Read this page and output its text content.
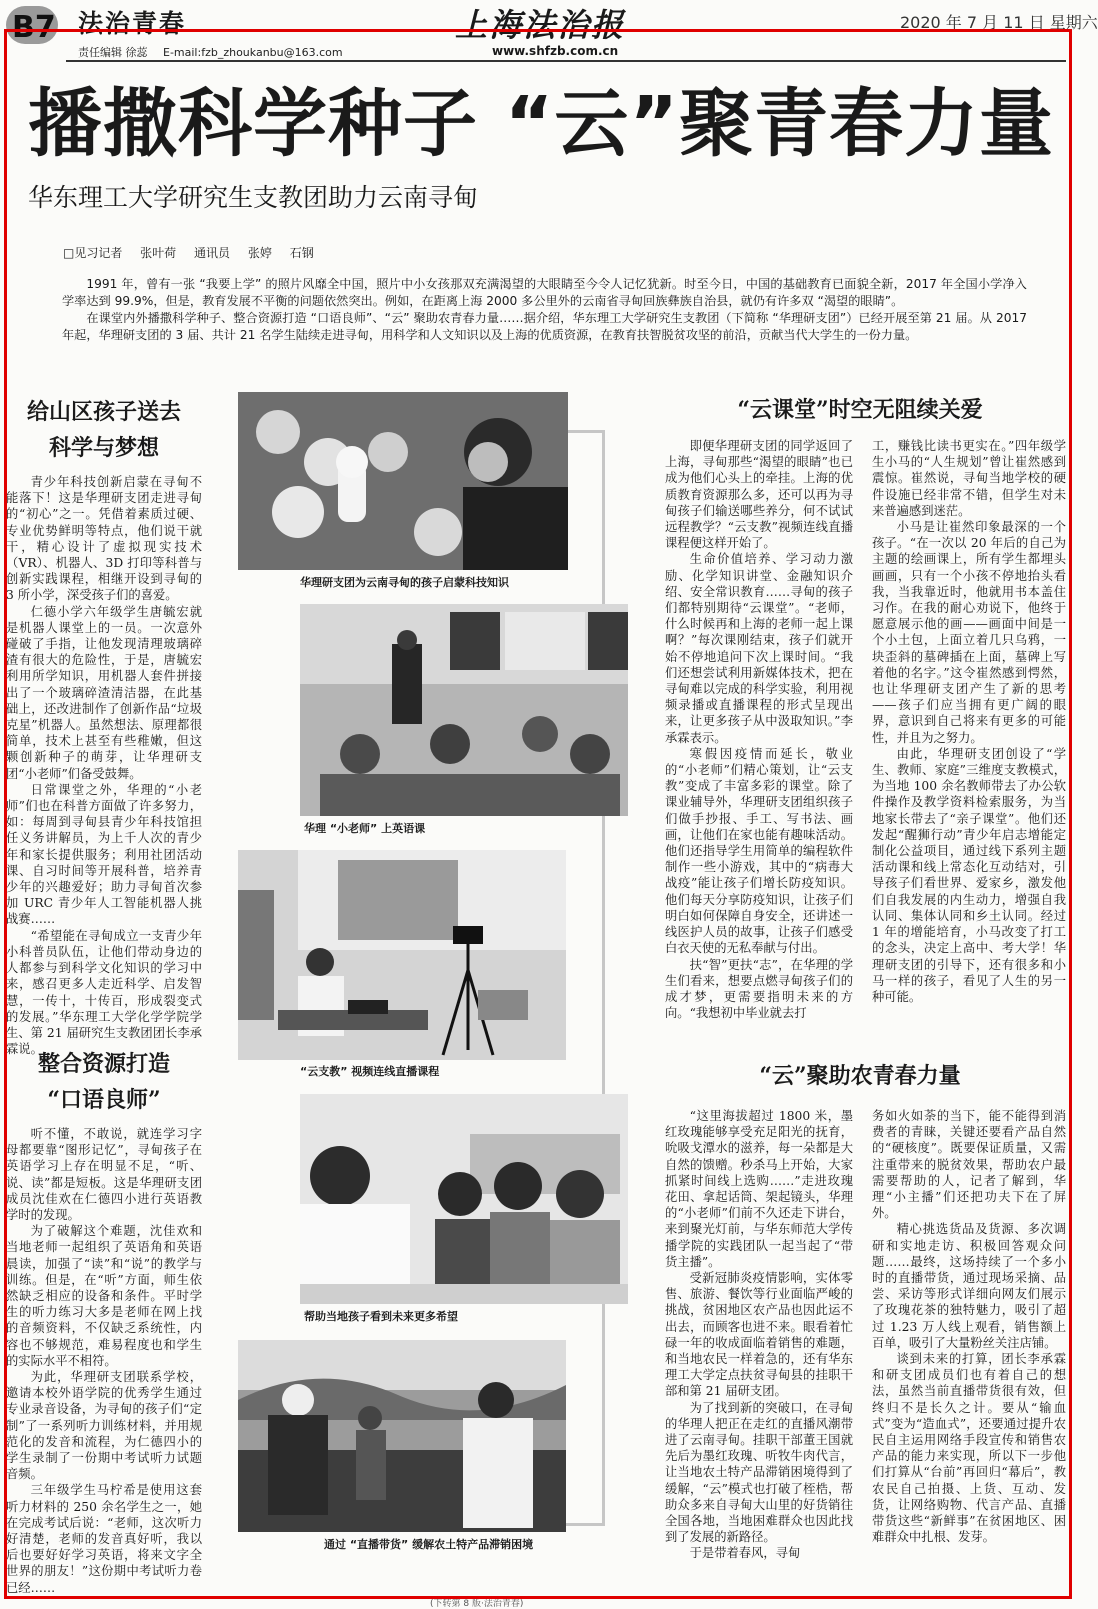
B7 法治青春	上海法治报	2020 年 7 月 11 日 星期六
责任编辑 徐蕊 E-mail:fzb_zhoukanbu@163.com	www.shfzb.com.cn
播撒科学种子 “云”聚青春力量
华东理工大学研究生支教团助力云南寻甸
□见习记者 张叶荷 通讯员 张婷 石钢
1991 年，曾有一张 “我要上学” 的照片风靡全中国，照片中小女孩那双充满渴望的大眼睛至今令人记忆犹新。时至今日，中国的基础教育已面貌全新，2017 年全国小学净入学率达到 99.9%，但是，教育发展不平衡的问题依然突出。例如，在距离上海 2000 多公里外的云南省寻甸回族彝族自治县，就仍有许多双 “渴望的眼睛”。
在课堂内外播撒科学种子、整合资源打造 “口语良师”、“云” 聚助农青春力量……据介绍，华东理工大学研究生支教团（下简称 “华理研支团”）已经开展至第 21 届。从 2017 年起，华理研支团的 3 届、共计 21 名学生陆续走进寻甸，用科学和人文知识以及上海的优质资源，在教育扶智脱贫攻坚的前沿，贡献当代大学生的一份力量。
给山区孩子送去
科学与梦想

青少年科技创新启蒙在寻甸不能落下！这是华理研支团走进寻甸的“初心”之一。凭借着素质过硬、专业优势鲜明等特点，他们说干就干，精心设计了虚拟现实技术（VR）、机器人、3D 打印等科普与创新实践课程，相继开设到寻甸的 3 所小学，深受孩子们的喜爱。

仁德小学六年级学生唐毓宏就是机器人课堂上的一员。一次意外碰破了手指，让他发现清理玻璃碎渣有很大的危险性，于是，唐毓宏利用所学知识，用机器人套件拼接出了一个玻璃碎渣清洁器，在此基础上，还改进制作了创新作品“垃圾克星”机器人。虽然想法、原理都很简单，技术上甚至有些稚嫩，但这颗创新种子的萌芽，让华理研支团“小老师”们备受鼓舞。

日常课堂之外，华理的“小老师”们也在科普方面做了许多努力，如：每周到寻甸县青少年科技馆担任义务讲解员，为上千人次的青少年和家长提供服务；利用社团活动课、自习时间等开展科普，培养青少年的兴趣爱好；助力寻甸首次参加 URC 青少年人工智能机器人挑战赛……

“希望能在寻甸成立一支青少年小科普员队伍，让他们带动身边的人都参与到科学文化知识的学习中来，感召更多人走近科学、启发智慧，一传十，十传百，形成裂变式的发展。”华东理工大学化学学院学生、第 21 届研究生支教团团长李承霖说。

整合资源打造
“口语良师”

听不懂，不敢说，就连学习字母都要靠“图形记忆”，寻甸孩子在英语学习上存在明显不足，“听、说、读”都是短板。这是华理研支团成员沈佳欢在仁德四小进行英语教学时的发现。

为了破解这个难题，沈佳欢和当地老师一起组织了英语角和英语晨读，加强了“读”和“说”的教学与训练。但是，在“听”方面，师生依然缺乏相应的设备和条件。平时学生的听力练习大多是老师在网上找的音频资料，不仅缺乏系统性，内容也不够规范，难易程度也和学生的实际水平不相符。

为此，华理研支团联系学校，邀请本校外语学院的优秀学生通过专业录音设备，为寻甸的孩子们“定制”了一系列听力训练材料，并用规范化的发音和流程，为仁德四小的学生录制了一份期中考试听力试题音频。

三年级学生马柠希是使用这套听力材料的 250 余名学生之一，她在完成考试后说：“老师，这次听力好清楚，老师的发音真好听，我以后也要好好学习英语，将来文字全世界的朋友！”这份期中考试听力卷已经……

华理研支团为云南寻甸的孩子启蒙科技知识
华理 “小老师” 上英语课
“云支教” 视频连线直播课程
帮助当地孩子看到未来更多希望
通过 “直播带货” 缓解农土特产品滞销困境
“云课堂”时空无阻续关爱

即便华理研支团的同学返回了上海，寻甸那些“渴望的眼睛”也已成为他们心头上的牵挂。上海的优质教育资源那么多，还可以再为寻甸孩子们输送哪些养分，何不试试远程教学？“云支教”视频连线直播课程便这样开始了。

生命价值培养、学习动力激励、化学知识讲堂、金融知识介绍、安全常识教育……寻甸的孩子们都特别期待“云课堂”。“老师，什么时候再和上海的老师一起上课啊？”每次课刚结束，孩子们就开始不停地追问下次上课时间。“我们还想尝试利用新媒体技术，把在寻甸难以完成的科学实验，利用视频录播或直播课程的形式呈现出来，让更多孩子从中汲取知识。”李承霖表示。

寒假因疫情而延长，敬业的“小老师”们精心策划，让“云支教”变成了丰富多彩的课堂。除了课业辅导外，华理研支团组织孩子们做手抄报、手工、写书法、画画，让他们在家也能有趣味活动。他们还指导学生用简单的编程软件制作一些小游戏，其中的“病毒大战疫”能让孩子们增长防疫知识。他们每天分享防疫知识，让孩子们明白如何保障自身安全，还讲述一线医护人员的故事，让孩子们感受白衣天使的无私奉献与付出。

扶“智”更扶“志”，在华理的学生们看来，想要点燃寻甸孩子们的成才梦，更需要指明未来的方向。“我想初中毕业就去打

工，赚钱比读书更实在。”四年级学生小马的“人生规划”曾让崔然感到震惊。崔然说，寻甸当地学校的硬件设施已经非常不错，但学生对未来普遍感到迷茫。

小马是让崔然印象最深的一个孩子。“在一次以 20 年后的自己为主题的绘画课上，所有学生都埋头画画，只有一个小孩不停地抬头看我，当我靠近时，他就用书本盖住习作。在我的耐心劝说下，他终于愿意展示他的画——画面中间是一个小土包，上面立着几只乌鸦，一块歪斜的墓碑插在上面，墓碑上写着他的名字。”这令崔然感到愕然，也让华理研支团产生了新的思考——孩子们应当拥有更广阔的眼界，意识到自己将来有更多的可能性，并且为之努力。

由此，华理研支团创设了“学生、教师、家庭”三维度支教模式，为当地 100 余名教师带去了办公软件操作及教学资料检索服务，为当地家长带去了“亲子课堂”。他们还发起“醒狮行动”青少年启志增能定制化公益项目，通过线下系列主题活动课和线上常态化互动结对，引导孩子们看世界、爱家乡，激发他们自我发展的内生动力，增强自我认同、集体认同和乡土认同。经过 1 年的增能培育，小马改变了打工的念头，决定上高中、考大学！华理研支团的引导下，还有很多和小马一样的孩子，看见了人生的另一种可能。

“云”聚助农青春力量

“这里海拔超过 1800 米，墨红玫瑰能够享受充足阳光的抚育，吮吸戈潭水的滋养，每一朵都是大自然的馈赠。秒杀马上开始，大家抓紧时间线上选购……”走进玫瑰花田、拿起话筒、架起镜头，华理的“小老师”们前不久还走下讲台，来到聚光灯前，与华东师范大学传播学院的实践团队一起当起了“带货主播”。

受新冠肺炎疫情影响，实体零售、旅游、餐饮等行业面临严峻的挑战，贫困地区农产品也因此运不出去，而顾客也进不来。眼看着忙碌一年的收成面临着销售的难题，和当地农民一样着急的，还有华东理工大学定点扶贫寻甸县的挂职干部和第 21 届研支团。

为了找到新的突破口，在寻甸的华理人把正在走红的直播风潮带进了云南寻甸。挂职干部董王国就先后为墨红玫瑰、听牧牛肉代言，让当地农土特产品滞销困境得到了缓解，“云”模式也打破了桎梏，帮助众多来自寻甸大山里的好货销往全国各地，当地困难群众也因此找到了发展的新路径。

于是带着春风，寻甸

务如火如荼的当下，能不能得到消费者的青睐，关键还要看产品自然的“硬核度”。既要保证质量，又需注重带来的脱贫效果，帮助农户最需要帮助的人，记者了解到，华理“小主播”们还把功夫下在了屏外。

精心挑选货品及货源、多次调研和实地走访、积极回答观众问题……最终，这场持续了一个多小时的直播带货，通过现场采摘、品尝、采访等形式详细向网友们展示了玫瑰花茶的独特魅力，吸引了超过 1.23 万人线上观看，销售额上百单，吸引了大量粉丝关注店铺。

谈到未来的打算，团长李承霖和研支团成员们也有着自己的想法，虽然当前直播带货很有效，但终归不是长久之计。要从“输血式”变为“造血式”，还要通过提升农民自主运用网络手段宣传和销售农产品的能力来实现，所以下一步他们打算从“台前”再回归“幕后”，教农民自己拍摄、上货、互动、发货，让网络购物、代言产品、直播带货这些“新鲜事”在贫困地区、困难群众中扎根、发芽。

(下转第 8 版·法治青春)
